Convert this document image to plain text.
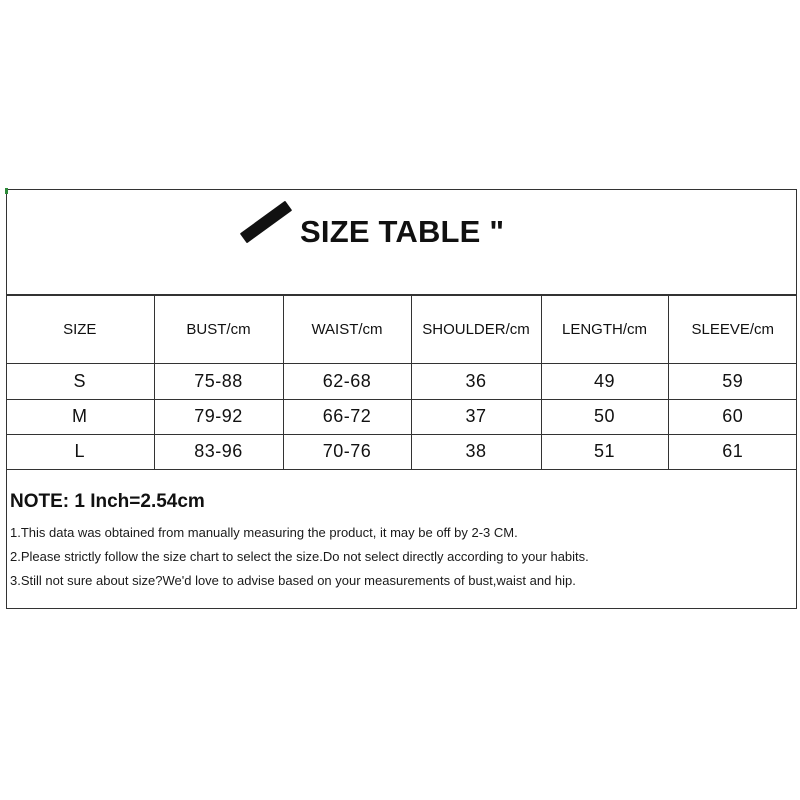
SIZE TABLE "
SIZE	BUST/cm	WAIST/cm	SHOULDER/cm	LENGTH/cm	SLEEVE/cm
S	75-88	62-68	36	49	59
M	79-92	66-72	37	50	60
L	83-96	70-76	38	51	61
NOTE: 1 Inch=2.54cm
1.This data was obtained from manually measuring the product, it may be off by 2-3 CM.
2.Please strictly follow the size chart to select the size.Do not select directly according to your habits.
3.Still not sure about size?We'd love to advise based on your measurements of bust,waist and hip.
